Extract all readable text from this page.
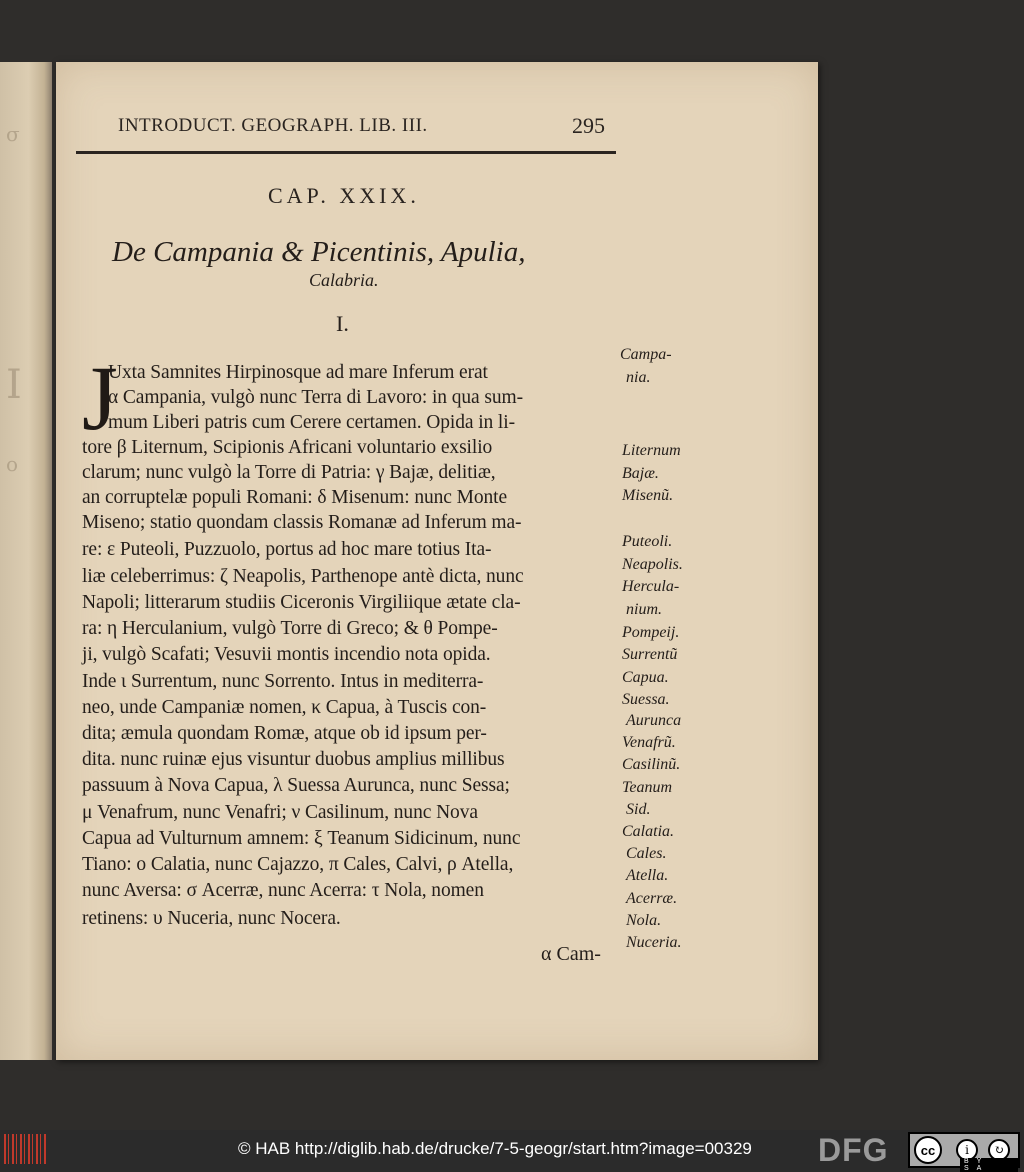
σ
I
o
INTRODUCT. GEOGRAPH. LIB. III.	295
CAP. XXIX.
De Campania & Picentinis, Apulia,
Calabria.
I.
J
Uxta Samnites Hirpinosque ad mare Inferum erat
α Campania, vulgò nunc Terra di Lavoro: in qua sum-
mum Liberi patris cum Cerere certamen. Opida in li-
tore β Liternum, Scipionis Africani voluntario exsilio
clarum; nunc vulgò la Torre di Patria: γ Bajæ, delitiæ,
an corruptelæ populi Romani: δ Misenum: nunc Monte
Miseno; statio quondam classis Romanæ ad Inferum ma-
re: ε Puteoli, Puzzuolo, portus ad hoc mare totius Ita-
liæ celeberrimus: ζ Neapolis, Parthenope antè dicta, nunc
Napoli; litterarum studiis Ciceronis Virgiliique ætate cla-
ra: η Herculanium, vulgò Torre di Greco; & θ Pompe-
ji, vulgò Scafati; Vesuvii montis incendio nota opida.
Inde ι Surrentum, nunc Sorrento. Intus in mediterra-
neo, unde Campaniæ nomen, κ Capua, à Tuscis con-
dita; æmula quondam Romæ, atque ob id ipsum per-
dita. nunc ruinæ ejus visuntur duobus amplius millibus
passuum à Nova Capua, λ Suessa Aurunca, nunc Sessa;
μ Venafrum, nunc Venafri; ν Casilinum, nunc Nova
Capua ad Vulturnum amnem: ξ Teanum Sidicinum, nunc
Tiano: ο Calatia, nunc Cajazzo, π Cales, Calvi, ρ Atella,
nunc Aversa: σ Acerræ, nunc Acerra: τ Nola, nomen
retinens: υ Nuceria, nunc Nocera.
α Cam-
Campa-
nia.
Liternum
Bajæ.
Misenũ.
Puteoli.
Neapolis.
Hercula-
nium.
Pompeij.
Surrentũ
Capua.
Suessa.
Aurunca
Venafrũ.
Casilinũ.
Teanum
Sid.
Calatia.
Cales.
Atella.
Acerræ.
Nola.
Nuceria.
© HAB http://diglib.hab.de/drucke/7-5-geogr/start.htm?image=00329 DFG	cc	i	↻
BY SA
